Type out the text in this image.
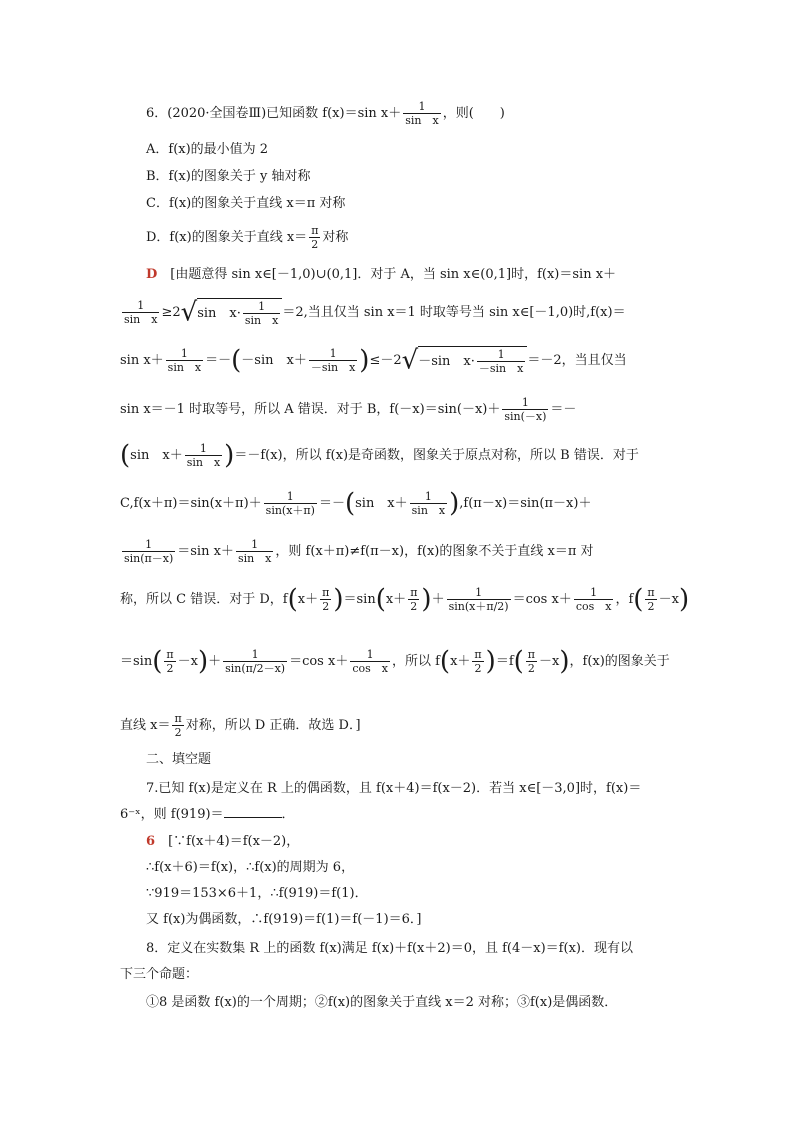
6．(2020·全国卷Ⅲ)已知函数 f(x)＝sin $x+ \frac{1}{\text{sin　x}}$ ，则(　　)
A．f(x)的最小值为 2
B．f(x)的图象关于 y 轴对称
C．f(x)的图象关于直线 x＝π 对称
D．f(x)的图象关于直线 $x= \frac{\pi}{2}$ 对称
D　 [由题意得 sin x∈[－1,0)∪(0,1]．对于 A，当 sin x∈(0,1]时，f(x)＝sin x＋
$\frac{1}{\text{sin　x}} \ge 2√\sin$　$x\cdot \frac{1}{\text{sin　x}} =2$,当且仅当 sin x＝1 时取等号当 sin x∈[－1,0)时,f(x)＝
$\sin x+ \frac{1}{\text{sin　x}} =-(-\sin$　$x+ \frac{1}{\text{－sin　x}} )\le-2√-\sin$　$x\cdot \frac{1}{\text{－sin　x}} =-2$，当且仅当
sin x＝－1 时取等号，所以 A 错误．对于 B，$f(-x)=\sin(-x)+ \frac{1}{\sin(-x)}$ ＝－
(sin　$x+ \frac{1}{\text{sin　x}} )=-f(x)$，所以 f(x)是奇函数，图象关于原点对称，所以 B 错误．对于
$C,f(x+\pi)=\sin(x+\pi)+ \frac{1}{\sin(x+\pi)} =-(\sin$　$x+ \frac{1}{\text{sin　x}} ),f(\pi-x)=\sin(\pi-x)+$
$\frac{1}{\sin(\pi-x)} =\sin$ $x+ \frac{1}{\text{sin　x}}$ ，则 f(x＋π)≠f(π－x)，f(x)的图象不关于直线 x＝π 对
称，所以 C 错误．对于 D，$f(x+ \frac{\pi}{2} )=\sin(x+ \frac{\pi}{2}$ )＋ $\frac{1}{\sin(x+\pi/2)} =\cos$ $x+ \frac{1}{\text{cos　x}}$ ，$f( \frac{\pi}{2} -x)$
$=\sin( \frac{\pi}{2} -x)+ \frac{1}{\sin(\pi/2-x)} =\cos$ $x+ \frac{1}{\text{cos　x}}$ ，所以 $f(x+ \frac{\pi}{2} )=f( \frac{\pi}{2} -x)$，f(x)的图象关于
直线 $x= \frac{\pi}{2}$ 对称，所以 D 正确．故选 D．]
二、填空题
7.已知 f(x)是定义在 R 上的偶函数，且 f(x＋4)＝f(x－2)．若当 x∈[－3,0]时，f(x)＝
6⁻ˣ，则 f(919)＝	．
6　 [∵f(x＋4)＝f(x－2)，
∴f(x＋6)＝f(x)，∴f(x)的周期为 6，
∵919＝153×6＋1，∴f(919)＝f(1)．
又 f(x)为偶函数，∴f(919)＝f(1)＝f(－1)＝6．]
8．定义在实数集 R 上的函数 f(x)满足 f(x)＋f(x＋2)＝0，且 f(4－x)＝f(x)．现有以
下三个命题：
①8 是函数 f(x)的一个周期；②f(x)的图象关于直线 x＝2 对称；③f(x)是偶函数．
